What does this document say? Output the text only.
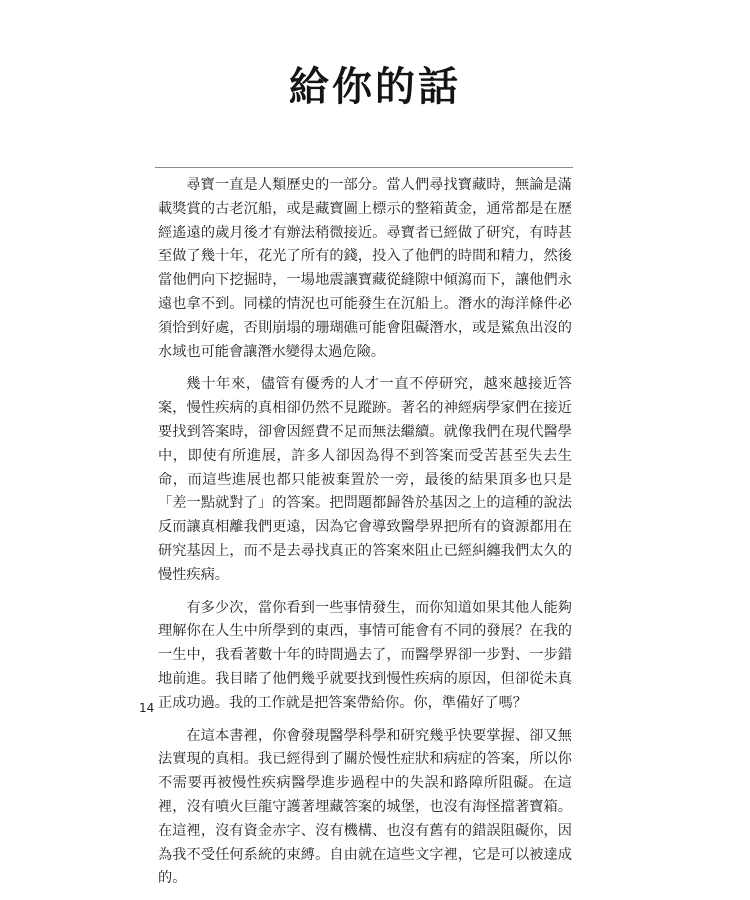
給你的話

尋寶一直是人類歷史的一部分。當人們尋找寶藏時，無論是滿載獎賞的古老沉船，或是藏寶圖上標示的整箱黃金，通常都是在歷經遙遠的歲月後才有辦法稍微接近。尋寶者已經做了研究，有時甚至做了幾十年，花光了所有的錢，投入了他們的時間和精力，然後當他們向下挖掘時，一場地震讓寶藏從縫隙中傾瀉而下，讓他們永遠也拿不到。同樣的情況也可能發生在沉船上。潛水的海洋條件必須恰到好處，否則崩塌的珊瑚礁可能會阻礙潛水，或是鯊魚出沒的水域也可能會讓潛水變得太過危險。

幾十年來，儘管有優秀的人才一直不停研究，越來越接近答案，慢性疾病的真相卻仍然不見蹤跡。著名的神經病學家們在接近要找到答案時，卻會因經費不足而無法繼續。就像我們在現代醫學中，即使有所進展，許多人卻因為得不到答案而受苦甚至失去生命，而這些進展也都只能被棄置於一旁，最後的結果頂多也只是「差一點就對了」的答案。把問題都歸咎於基因之上的這種的說法反而讓真相離我們更遠，因為它會導致醫學界把所有的資源都用在研究基因上，而不是去尋找真正的答案來阻止已經糾纏我們太久的慢性疾病。

有多少次，當你看到一些事情發生，而你知道如果其他人能夠理解你在人生中所學到的東西，事情可能會有不同的發展？在我的一生中，我看著數十年的時間過去了，而醫學界卻一步對、一步錯地前進。我目睹了他們幾乎就要找到慢性疾病的原因，但卻從未真正成功過。我的工作就是把答案帶給你。你，準備好了嗎？

在這本書裡，你會發現醫學科學和研究幾乎快要掌握、卻又無法實現的真相。我已經得到了關於慢性症狀和病症的答案，所以你不需要再被慢性疾病醫學進步過程中的失誤和路障所阻礙。在這裡，沒有噴火巨龍守護著埋藏答案的城堡，也沒有海怪擋著寶箱。在這裡，沒有資金赤字、沒有機構、也沒有舊有的錯誤阻礙你，因為我不受任何系統的束縛。自由就在這些文字裡，它是可以被達成的。

14
